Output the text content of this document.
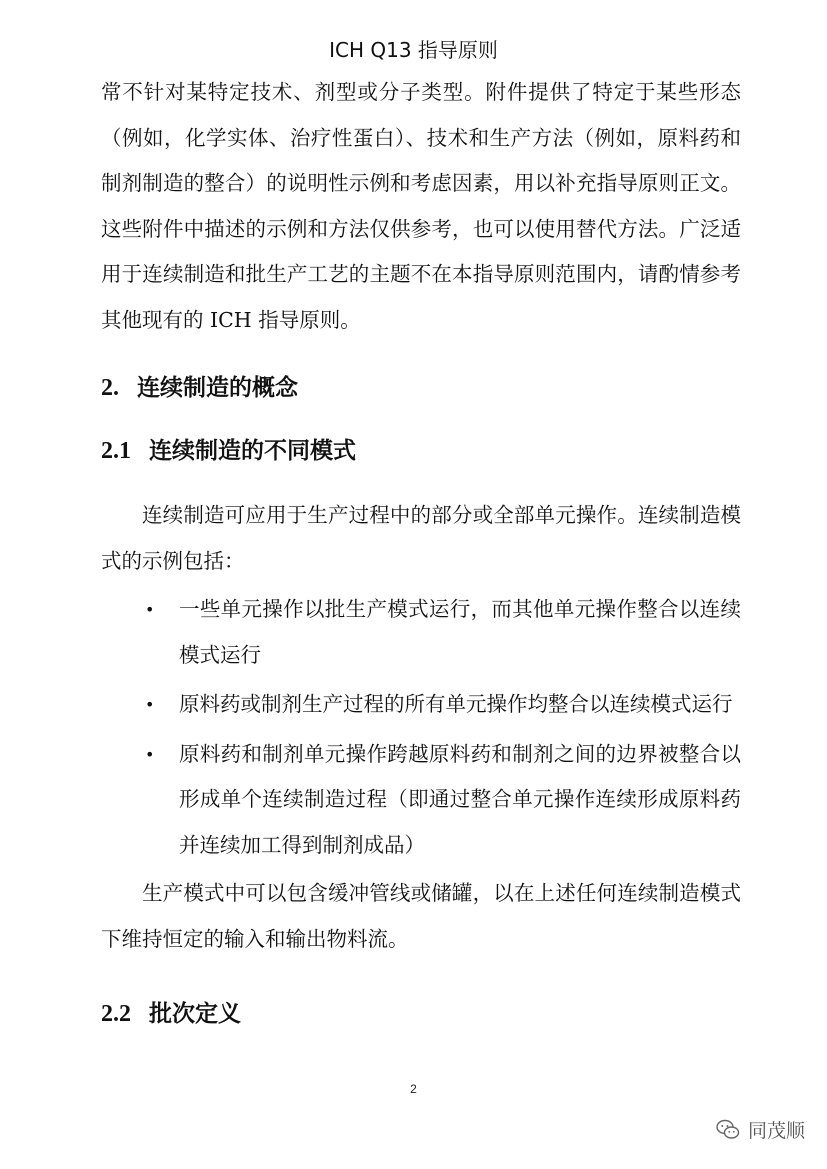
ICH Q13 指导原则

常不针对某特定技术、剂型或分子类型。附件提供了特定于某些形态（例如，化学实体、治疗性蛋白）、技术和生产方法（例如，原料药和制剂制造的整合）的说明性示例和考虑因素，用以补充指导原则正文。这些附件中描述的示例和方法仅供参考，也可以使用替代方法。广泛适用于连续制造和批生产工艺的主题不在本指导原则范围内，请酌情参考其他现有的 ICH 指导原则。

2. 连续制造的概念
2.1 连续制造的不同模式

连续制造可应用于生产过程中的部分或全部单元操作。连续制造模式的示例包括：

• 一些单元操作以批生产模式运行，而其他单元操作整合以连续模式运行
• 原料药或制剂生产过程的所有单元操作均整合以连续模式运行
• 原料药和制剂单元操作跨越原料药和制剂之间的边界被整合以形成单个连续制造过程（即通过整合单元操作连续形成原料药并连续加工得到制剂成品）

生产模式中可以包含缓冲管线或储罐，以在上述任何连续制造模式下维持恒定的输入和输出物料流。

2.2 批次定义
2
同茂顺
